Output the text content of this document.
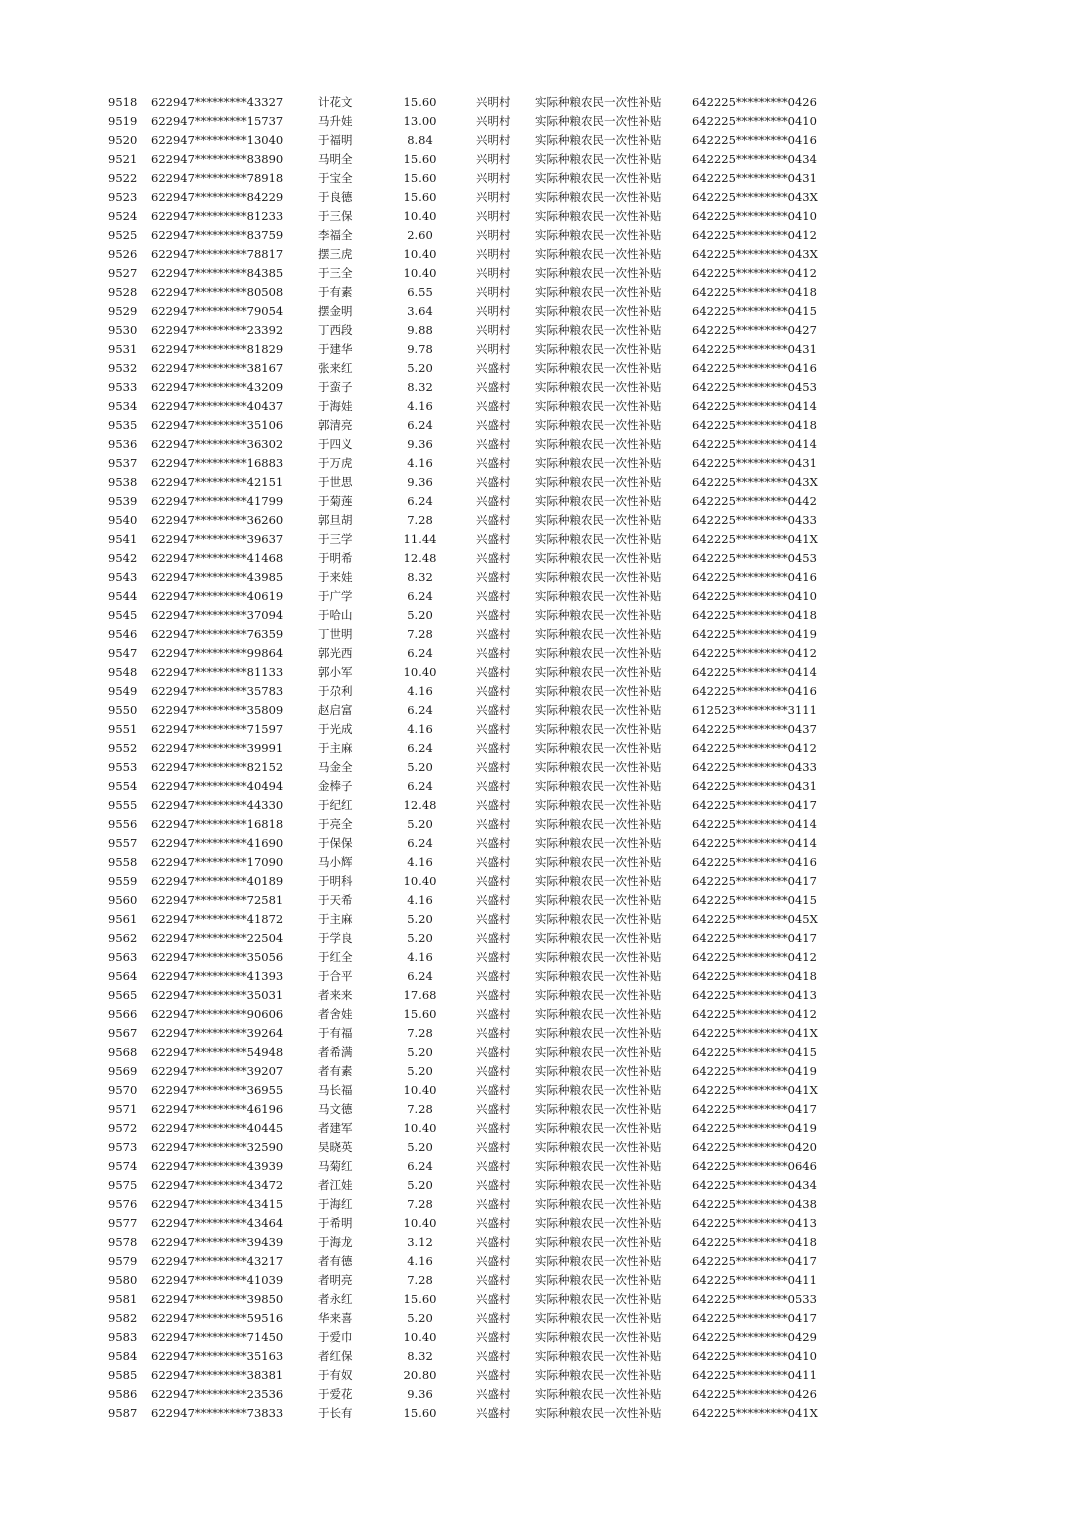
9518	622947*********43327	计花文	15.60	兴明村	实际种粮农民一次性补贴	642225*********0426
9519	622947*********15737	马升娃	13.00	兴明村	实际种粮农民一次性补贴	642225*********0410
9520	622947*********13040	于福明	8.84	兴明村	实际种粮农民一次性补贴	642225*********0416
9521	622947*********83890	马明全	15.60	兴明村	实际种粮农民一次性补贴	642225*********0434
9522	622947*********78918	于宝全	15.60	兴明村	实际种粮农民一次性补贴	642225*********0431
9523	622947*********84229	于良德	15.60	兴明村	实际种粮农民一次性补贴	642225*********043X
9524	622947*********81233	于三保	10.40	兴明村	实际种粮农民一次性补贴	642225*********0410
9525	622947*********83759	李福全	2.60	兴明村	实际种粮农民一次性补贴	642225*********0412
9526	622947*********78817	摆三虎	10.40	兴明村	实际种粮农民一次性补贴	642225*********043X
9527	622947*********84385	于三全	10.40	兴明村	实际种粮农民一次性补贴	642225*********0412
9528	622947*********80508	于有素	6.55	兴明村	实际种粮农民一次性补贴	642225*********0418
9529	622947*********79054	摆金明	3.64	兴明村	实际种粮农民一次性补贴	642225*********0415
9530	622947*********23392	丁西段	9.88	兴明村	实际种粮农民一次性补贴	642225*********0427
9531	622947*********81829	于建华	9.78	兴明村	实际种粮农民一次性补贴	642225*********0431
9532	622947*********38167	张来红	5.20	兴盛村	实际种粮农民一次性补贴	642225*********0416
9533	622947*********43209	于蛮子	8.32	兴盛村	实际种粮农民一次性补贴	642225*********0453
9534	622947*********40437	于海娃	4.16	兴盛村	实际种粮农民一次性补贴	642225*********0414
9535	622947*********35106	郭清亮	6.24	兴盛村	实际种粮农民一次性补贴	642225*********0418
9536	622947*********36302	于四义	9.36	兴盛村	实际种粮农民一次性补贴	642225*********0414
9537	622947*********16883	于万虎	4.16	兴盛村	实际种粮农民一次性补贴	642225*********0431
9538	622947*********42151	于世思	9.36	兴盛村	实际种粮农民一次性补贴	642225*********043X
9539	622947*********41799	于菊莲	6.24	兴盛村	实际种粮农民一次性补贴	642225*********0442
9540	622947*********36260	郭旦胡	7.28	兴盛村	实际种粮农民一次性补贴	642225*********0433
9541	622947*********39637	于三学	11.44	兴盛村	实际种粮农民一次性补贴	642225*********041X
9542	622947*********41468	于明希	12.48	兴盛村	实际种粮农民一次性补贴	642225*********0453
9543	622947*********43985	于来娃	8.32	兴盛村	实际种粮农民一次性补贴	642225*********0416
9544	622947*********40619	于广学	6.24	兴盛村	实际种粮农民一次性补贴	642225*********0410
9545	622947*********37094	于哈山	5.20	兴盛村	实际种粮农民一次性补贴	642225*********0418
9546	622947*********76359	丁世明	7.28	兴盛村	实际种粮农民一次性补贴	642225*********0419
9547	622947*********99864	郭光西	6.24	兴盛村	实际种粮农民一次性补贴	642225*********0412
9548	622947*********81133	郭小军	10.40	兴盛村	实际种粮农民一次性补贴	642225*********0414
9549	622947*********35783	于尕利	4.16	兴盛村	实际种粮农民一次性补贴	642225*********0416
9550	622947*********35809	赵启富	6.24	兴盛村	实际种粮农民一次性补贴	612523*********3111
9551	622947*********71597	于光成	4.16	兴盛村	实际种粮农民一次性补贴	642225*********0437
9552	622947*********39991	于主麻	6.24	兴盛村	实际种粮农民一次性补贴	642225*********0412
9553	622947*********82152	马金全	5.20	兴盛村	实际种粮农民一次性补贴	642225*********0433
9554	622947*********40494	金棒子	6.24	兴盛村	实际种粮农民一次性补贴	642225*********0431
9555	622947*********44330	于纪红	12.48	兴盛村	实际种粮农民一次性补贴	642225*********0417
9556	622947*********16818	于亮全	5.20	兴盛村	实际种粮农民一次性补贴	642225*********0414
9557	622947*********41690	于保保	6.24	兴盛村	实际种粮农民一次性补贴	642225*********0414
9558	622947*********17090	马小辉	4.16	兴盛村	实际种粮农民一次性补贴	642225*********0416
9559	622947*********40189	于明科	10.40	兴盛村	实际种粮农民一次性补贴	642225*********0417
9560	622947*********72581	于天希	4.16	兴盛村	实际种粮农民一次性补贴	642225*********0415
9561	622947*********41872	于主麻	5.20	兴盛村	实际种粮农民一次性补贴	642225*********045X
9562	622947*********22504	于学良	5.20	兴盛村	实际种粮农民一次性补贴	642225*********0417
9563	622947*********35056	于红全	4.16	兴盛村	实际种粮农民一次性补贴	642225*********0412
9564	622947*********41393	于合平	6.24	兴盛村	实际种粮农民一次性补贴	642225*********0418
9565	622947*********35031	者来来	17.68	兴盛村	实际种粮农民一次性补贴	642225*********0413
9566	622947*********90606	者舍娃	15.60	兴盛村	实际种粮农民一次性补贴	642225*********0412
9567	622947*********39264	于有福	7.28	兴盛村	实际种粮农民一次性补贴	642225*********041X
9568	622947*********54948	者希满	5.20	兴盛村	实际种粮农民一次性补贴	642225*********0415
9569	622947*********39207	者有素	5.20	兴盛村	实际种粮农民一次性补贴	642225*********0419
9570	622947*********36955	马长福	10.40	兴盛村	实际种粮农民一次性补贴	642225*********041X
9571	622947*********46196	马文德	7.28	兴盛村	实际种粮农民一次性补贴	642225*********0417
9572	622947*********40445	者建军	10.40	兴盛村	实际种粮农民一次性补贴	642225*********0419
9573	622947*********32590	吴晓英	5.20	兴盛村	实际种粮农民一次性补贴	642225*********0420
9574	622947*********43939	马菊红	6.24	兴盛村	实际种粮农民一次性补贴	642225*********0646
9575	622947*********43472	者江娃	5.20	兴盛村	实际种粮农民一次性补贴	642225*********0434
9576	622947*********43415	于海红	7.28	兴盛村	实际种粮农民一次性补贴	642225*********0438
9577	622947*********43464	于希明	10.40	兴盛村	实际种粮农民一次性补贴	642225*********0413
9578	622947*********39439	于海龙	3.12	兴盛村	实际种粮农民一次性补贴	642225*********0418
9579	622947*********43217	者有德	4.16	兴盛村	实际种粮农民一次性补贴	642225*********0417
9580	622947*********41039	者明亮	7.28	兴盛村	实际种粮农民一次性补贴	642225*********0411
9581	622947*********39850	者永红	15.60	兴盛村	实际种粮农民一次性补贴	642225*********0533
9582	622947*********59516	华来喜	5.20	兴盛村	实际种粮农民一次性补贴	642225*********0417
9583	622947*********71450	于爱巾	10.40	兴盛村	实际种粮农民一次性补贴	642225*********0429
9584	622947*********35163	者红保	8.32	兴盛村	实际种粮农民一次性补贴	642225*********0410
9585	622947*********38381	于有奴	20.80	兴盛村	实际种粮农民一次性补贴	642225*********0411
9586	622947*********23536	于爱花	9.36	兴盛村	实际种粮农民一次性补贴	642225*********0426
9587	622947*********73833	于长有	15.60	兴盛村	实际种粮农民一次性补贴	642225*********041X
